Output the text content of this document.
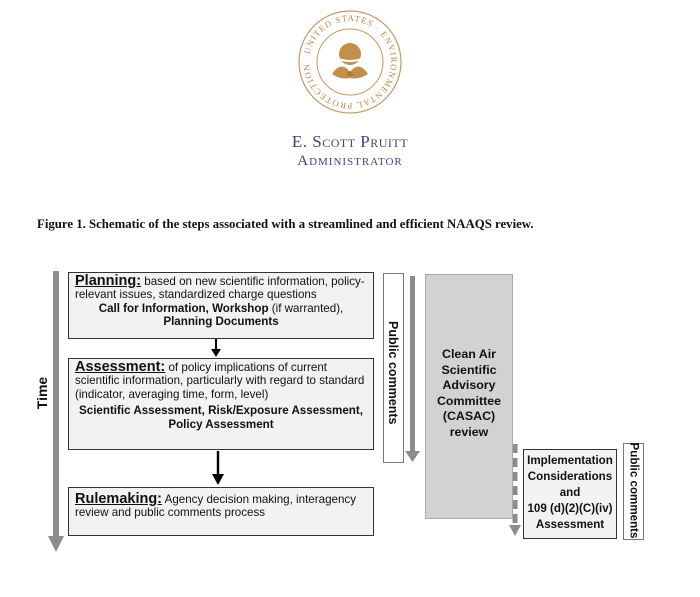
UNITED STATES · ENVIRONMENTAL PROTECTION
E. Scott Pruitt
Administrator
Figure 1. Schematic of the steps associated with a streamlined and efficient NAAQS review.
Time
Planning: based on new scientific information, policy-relevant issues, standardized charge questions
Call for Information, Workshop (if warranted),
Planning Documents
Assessment: of policy implications of current scientific information, particularly with regard to standard (indicator, averaging time, form, level)
Scientific Assessment, Risk/Exposure Assessment, Policy Assessment
Rulemaking: Agency decision making, interagency review and public comments process
Public comments	Clean Air
Scientific
Advisory
Committee
(CASAC)
review
Implementation
Considerations
and
109 (d)(2)(C)(iv)
Assessment	Public comments
